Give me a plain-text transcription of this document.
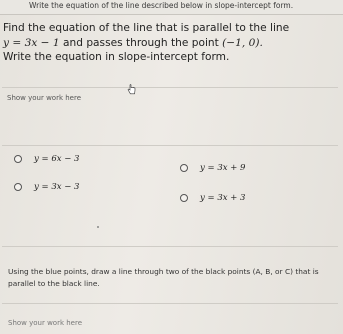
Write the equation of the line described below in slope-intercept form.
Find the equation of the line that is parallel to the line
y = 3x − 1 and passes through the point (−1, 0).
Write the equation in slope-intercept form.
Show your work here
y = 6x − 3
y = 3x + 9
y = 3x − 3
y = 3x + 3
Using the blue points, draw a line through two of the black points (A, B, or C) that is parallel to the black line.
Show your work here
